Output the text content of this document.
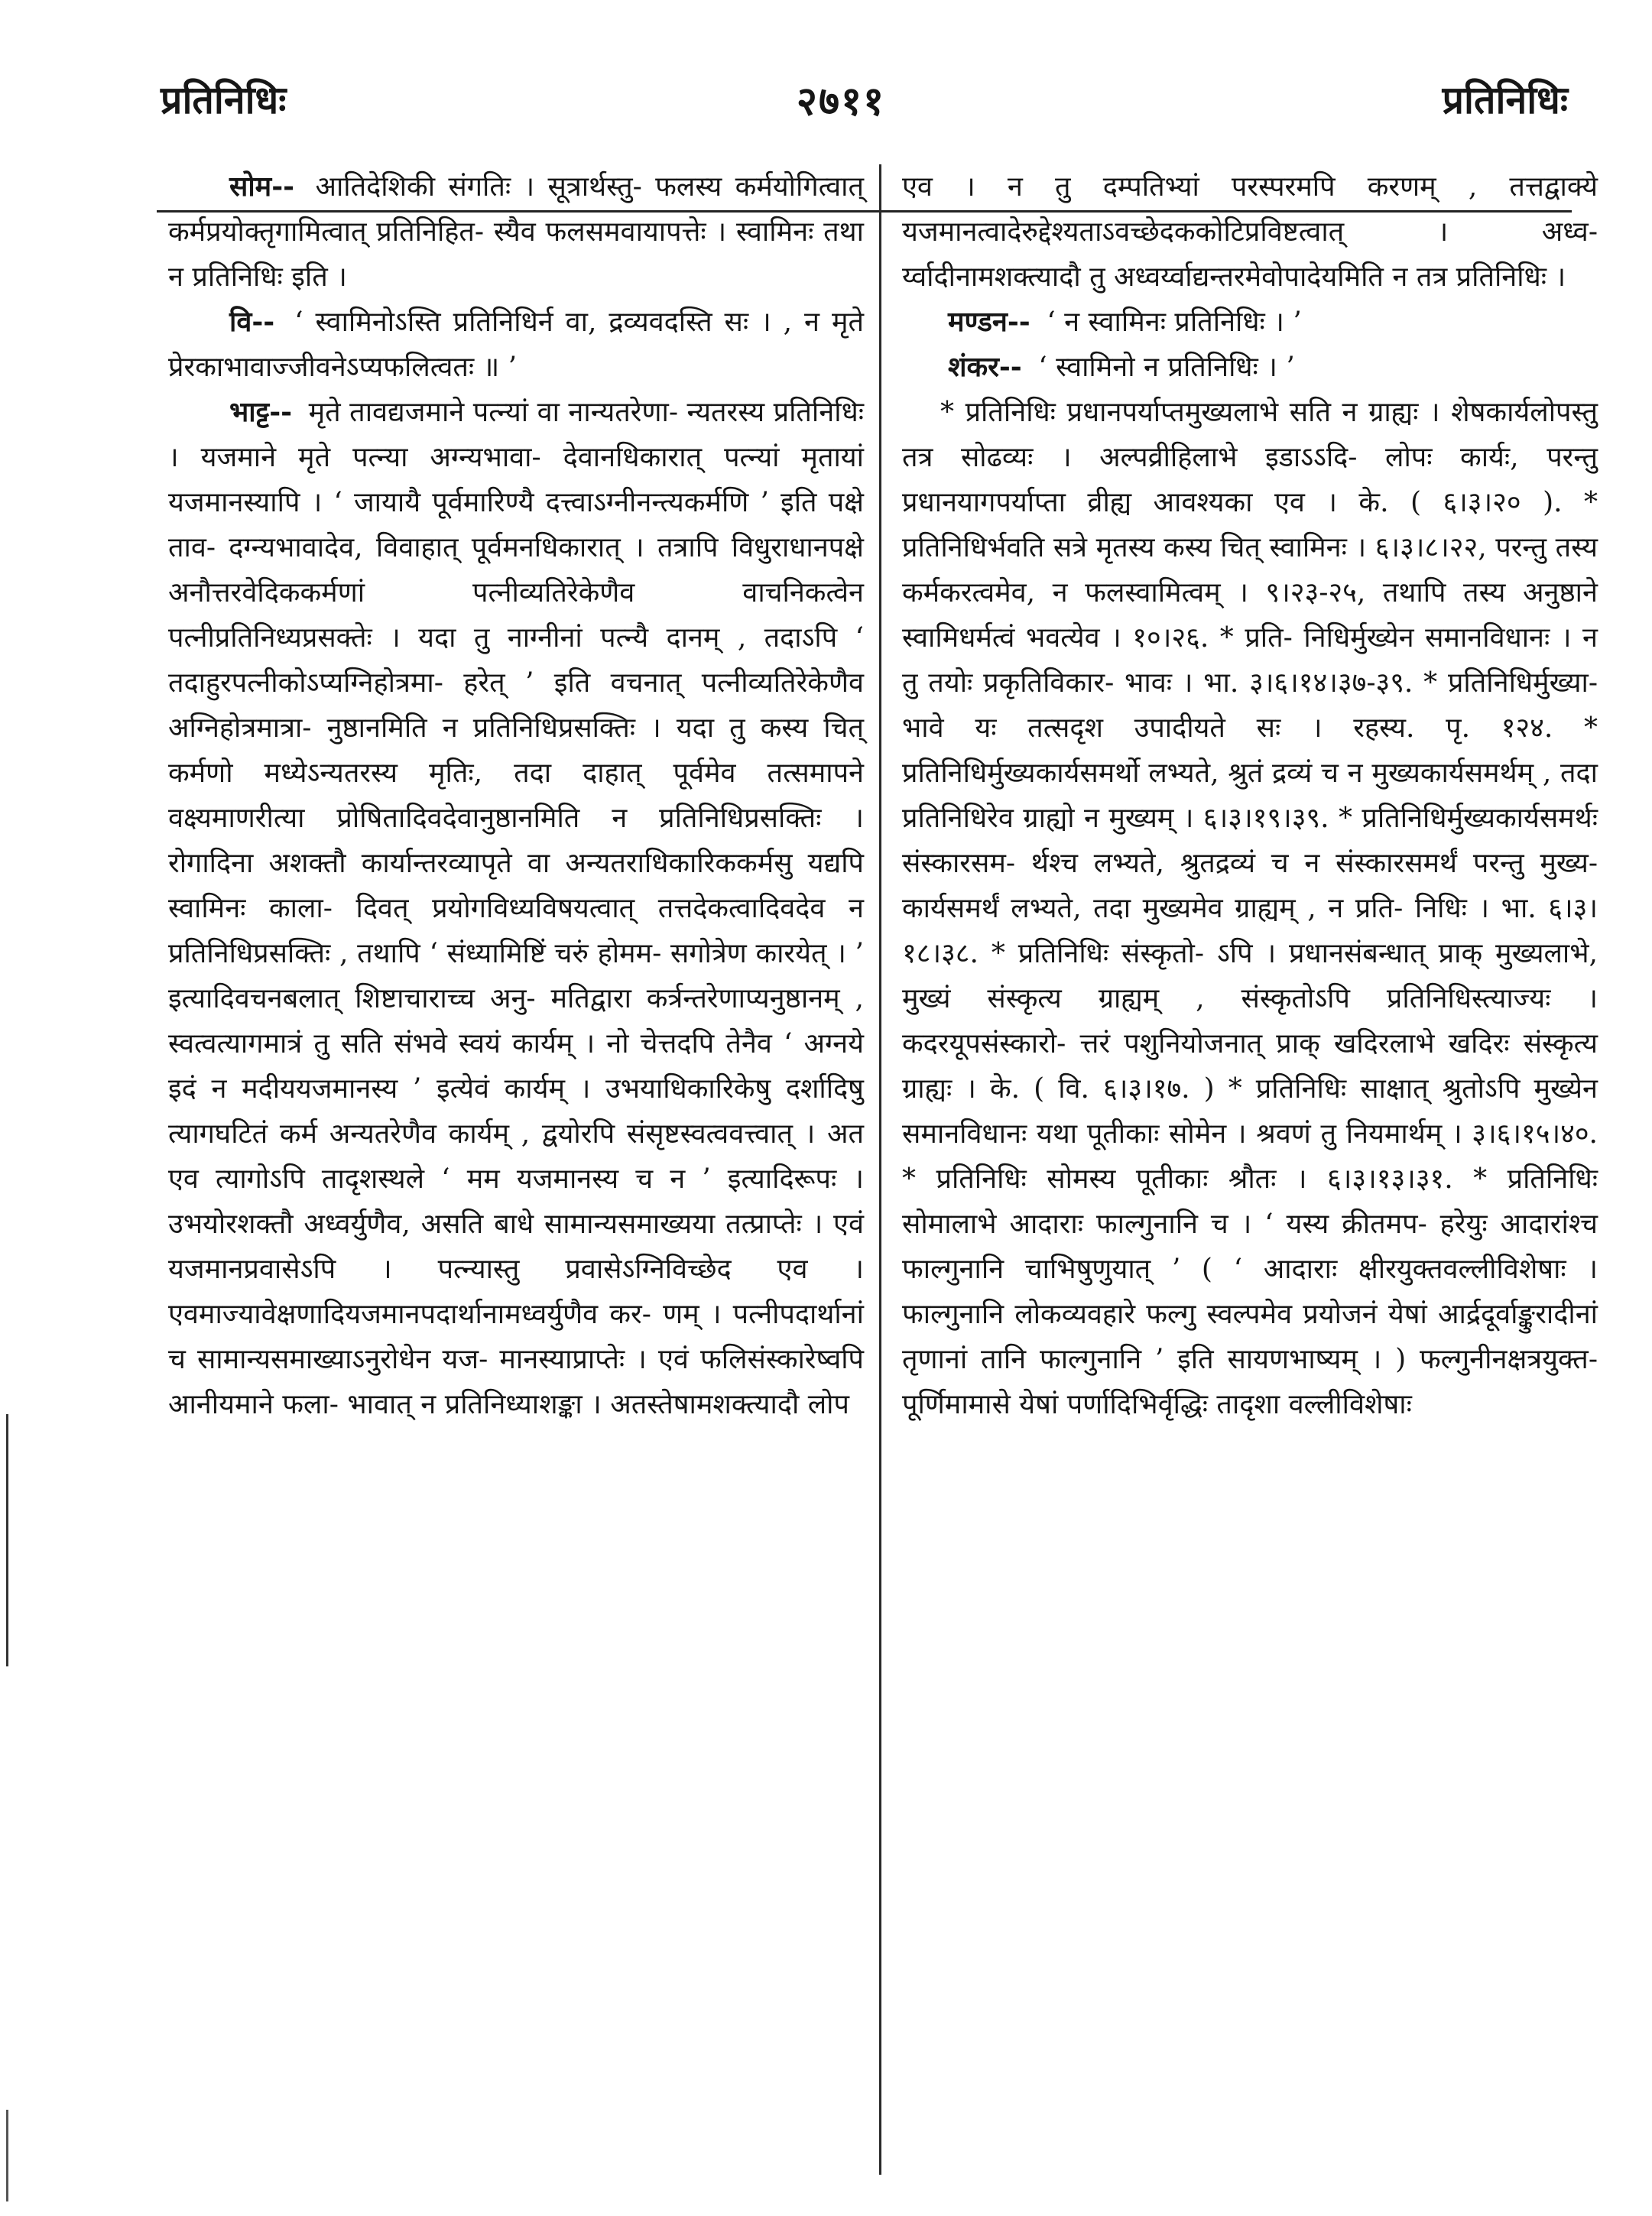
प्रतिनिधिः	२७११	प्रतिनिधिः

सोम-- आतिदेशिकी संगतिः । सूत्रार्थस्तु- फलस्य कर्मयोगित्वात् कर्मप्रयोक्तृगामित्वात् प्रतिनिहित- स्यैव फलसमवायापत्तेः । स्वामिनः तथा न प्रतिनिधिः इति ।

वि-- ‘ स्वामिनोऽस्ति प्रतिनिधिर्न वा, द्रव्यवदस्ति सः । , न मृते प्रेरकाभावाज्जीवनेऽप्यफलित्वतः ॥ ’

भाट्ट-- मृते तावद्यजमाने पत्न्यां वा नान्यतरेणा- न्यतरस्य प्रतिनिधिः । यजमाने मृते पत्न्या अग्न्यभावा- देवानधिकारात् पत्न्यां मृतायां यजमानस्यापि । ‘ जायायै पूर्वमारिण्यै दत्त्वाऽग्नीनन्त्यकर्मणि ’ इति पक्षे ताव- दग्न्यभावादेव, विवाहात् पूर्वमनधिकारात् । तत्रापि विधुराधानपक्षे अनौत्तरवेदिककर्मणां पत्नीव्यतिरेकेणैव वाचनिकत्वेन पत्नीप्रतिनिध्यप्रसक्तेः । यदा तु नाग्नीनां पत्न्यै दानम् , तदाऽपि ‘ तदाहुरपत्नीकोऽप्यग्निहोत्रमा- हरेत् ’ इति वचनात् पत्नीव्यतिरेकेणैव अग्निहोत्रमात्रा- नुष्ठानमिति न प्रतिनिधिप्रसक्तिः । यदा तु कस्य चित् कर्मणो मध्येऽन्यतरस्य मृतिः, तदा दाहात् पूर्वमेव तत्समापने वक्ष्यमाणरीत्या प्रोषितादिवदेवानुष्ठानमिति न प्रतिनिधिप्रसक्तिः । रोगादिना अशक्तौ कार्यान्तरव्यापृते वा अन्यतराधिकारिककर्मसु यद्यपि स्वामिनः काला- दिवत् प्रयोगविध्यविषयत्वात् तत्तदेकत्वादिवदेव न प्रतिनिधिप्रसक्तिः , तथापि ‘ संध्यामिष्टिं चरुं होमम- सगोत्रेण कारयेत् । ’ इत्यादिवचनबलात् शिष्टाचाराच्च अनु- मतिद्वारा कर्त्रन्तरेणाप्यनुष्ठानम् , स्वत्वत्यागमात्रं तु सति संभवे स्वयं कार्यम् । नो चेत्तदपि तेनैव ‘ अग्नये इदं न मदीययजमानस्य ’ इत्येवं कार्यम् । उभयाधिकारिकेषु दर्शादिषु त्यागघटितं कर्म अन्यतरेणैव कार्यम् , द्वयोरपि संसृष्टस्वत्ववत्त्वात् । अत एव त्यागोऽपि तादृशस्थले ‘ मम यजमानस्य च न ’ इत्यादिरूपः । उभयोरशक्तौ अध्वर्युणैव, असति बाधे सामान्यसमाख्यया तत्प्राप्तेः । एवं यजमानप्रवासेऽपि । पत्न्यास्तु प्रवासेऽग्निविच्छेद एव । एवमाज्यावेक्षणादियजमानपदार्थानामध्वर्युणैव कर- णम् । पत्नीपदार्थानां च सामान्यसमाख्याऽनुरोधेन यज- मानस्याप्राप्तेः । एवं फलिसंस्कारेष्वपि आनीयमाने फला- भावात् न प्रतिनिध्याशङ्का । अतस्तेषामशक्त्यादौ लोप

एव । न तु दम्पतिभ्यां परस्परमपि करणम् , तत्तद्वाक्ये यजमानत्वादेरुद्देश्यताऽवच्छेदककोटिप्रविष्टत्वात् । अध्व- र्य्वादीनामशक्त्यादौ तु अध्वर्य्वाद्यन्तरमेवोपादेयमिति न तत्र प्रतिनिधिः ।

मण्डन-- ‘ न स्वामिनः प्रतिनिधिः । ’

शंकर-- ‘ स्वामिनो न प्रतिनिधिः । ’

* प्रतिनिधिः प्रधानपर्याप्तमुख्यलाभे सति न ग्राह्यः । शेषकार्यलोपस्तु तत्र सोढव्यः । अल्पव्रीहिलाभे इडाऽऽदि- लोपः कार्यः, परन्तु प्रधानयागपर्याप्ता व्रीह्य आवश्यका एव । के. ( ६।३।२० ). * प्रतिनिधिर्भवति सत्रे मृतस्य कस्य चित् स्वामिनः । ६।३।८।२२, परन्तु तस्य कर्मकरत्वमेव, न फलस्वामित्वम् । ९।२३-२५, तथापि तस्य अनुष्ठाने स्वामिधर्मत्वं भवत्येव । १०।२६. * प्रति- निधिर्मुख्येन समानविधानः । न तु तयोः प्रकृतिविकार- भावः । भा. ३।६।१४।३७-३९. * प्रतिनिधिर्मुख्या- भावे यः तत्सदृश उपादीयते सः । रहस्य. पृ. १२४. * प्रतिनिधिर्मुख्यकार्यसमर्थो लभ्यते, श्रुतं द्रव्यं च न मुख्यकार्यसमर्थम् , तदा प्रतिनिधिरेव ग्राह्यो न मुख्यम् । ६।३।१९।३९. * प्रतिनिधिर्मुख्यकार्यसमर्थः संस्कारसम- र्थश्च लभ्यते, श्रुतद्रव्यं च न संस्कारसमर्थं परन्तु मुख्य- कार्यसमर्थं लभ्यते, तदा मुख्यमेव ग्राह्यम् , न प्रति- निधिः । भा. ६।३।१८।३८. * प्रतिनिधिः संस्कृतो- ऽपि । प्रधानसंबन्धात् प्राक् मुख्यलाभे, मुख्यं संस्कृत्य ग्राह्यम् , संस्कृतोऽपि प्रतिनिधिस्त्याज्यः । कदरयूपसंस्कारो- त्तरं पशुनियोजनात् प्राक् खदिरलाभे खदिरः संस्कृत्य ग्राह्यः । के. ( वि. ६।३।१७. ) * प्रतिनिधिः साक्षात् श्रुतोऽपि मुख्येन समानविधानः यथा पूतीकाः सोमेन । श्रवणं तु नियमार्थम् । ३।६।१५।४०. * प्रतिनिधिः सोमस्य पूतीकाः श्रौतः । ६।३।१३।३१. * प्रतिनिधिः सोमालाभे आदाराः फाल्गुनानि च । ‘ यस्य क्रीतमप- हरेयुः आदारांश्च फाल्गुनानि चाभिषुणुयात् ’ ( ‘ आदाराः क्षीरयुक्तवल्लीविशेषाः । फाल्गुनानि लोकव्यवहारे फल्गु स्वल्पमेव प्रयोजनं येषां आर्द्रदूर्वाङ्कुरादीनां तृणानां तानि फाल्गुनानि ’ इति सायणभाष्यम् । ) फल्गुनीनक्षत्रयुक्त- पूर्णिमामासे येषां पर्णादिभिर्वृद्धिः तादृशा वल्लीविशेषाः
